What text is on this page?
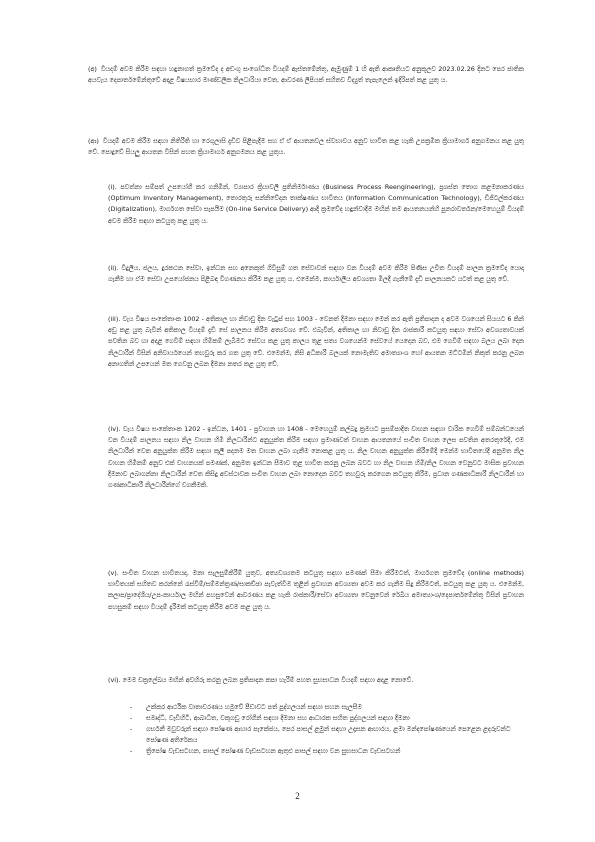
(අ) වියදම් අවම කිරීම සඳහා හඳුනාගත් ක්‍රමවේද ද අඩංගු සංශෝධිත වියදම් ඇස්තමේන්තු, ඇමුණුම් 1 හි ඇති ආකෘතියට අනුකූලව 2023.02.26 දිනට පෙර ජාතික අයවැය දෙපාර්තමේන්තුවේ අදාළ විෂයභාර මාණ්ඩලික නිලධාරියා වෙත, ආවරණ ලිපියක් සහිතව විද්‍යුත් තැපැලෙන් ඉදිරිපත් කළ යුතු ය.

(ආ) වියදම් අවම කිරීම සඳහා නිතිරීති හා රෙගුලාසි දැඩිව පිළිපැදීම සහ ඒ ඒ ආයතනවල ස්වභාවය අනුව භාවිත කළ හැකි උපක්‍රමික ක්‍රියාමාර්ග අනුගමනය කළ යුතු වේ. පොදුවේ සියලු ආයතන විසින් පහත ක්‍රියාමාර්ග අනුගමනය කළ යුතුය.

(i). පවත්නා සම්පත් උපයෝගී කර ගනිමින්, ව්‍යාපාර ක්‍රියාවලි ප්‍රතිනිර්මාණය (Business Process Reengineering), ප්‍රශස්ත තොග කළමනාකරණය (Optimum Inventory Management), තොරතුරු සන්නිවේදන තාක්ෂණය භාවිතය (Information Communication Technology), ඩිජිටල්කරණය (Digitalization), මාර්ගගත සේවා සැපයීම (On-line Service Delivery) ආදී ක්‍රමවේද හඳුන්වාදීම මඟින් තම ආයතනයන්හි පුනරාවර්තන/මෙහෙයුම් වියදම් අවම කිරීම සඳහා කටයුතු කළ යුතු ය.

(ii). විදුලිය, ජලය, දුරකථන සේවා, ඉන්ධන සහ අනෙකුත් ගිවිසුම් ගත සේවාවන් සඳහා වන වියදම් අවම කිරීම පිණිස උචිත වියදම් පාලන ක්‍රමවේද යොදා ගැනීම හා ඒම සේවා උපයෝජනය පිළිබඳ විගණනය කිරීම කළ යුතු ය. එමෙන්ම, කාර්යාලීය අවශ්‍යතා මිලදී ගැනීමේ දැඩි පාලනයකට යටත් කළ යුතු වේ.

(iii). වැය විෂය සංකේතාංක 1002 - අතිකාල හා නිවාඩු දින වැටුප් සහ 1003 - වෙනත් දීමනා සඳහා මෙන් කර ඇති ප්‍රතිපාදන ද අවම වශයෙන් සියයට 6 කින් අඩු කළ යුතු බැවින් අතිකාල වියදම් දැඩි සේ පාලනය කිරීම අත්‍යවශ්‍ය වේ. එබැවින්, අතිකාල හා නිවාඩු දින රාජකාරී කටයුතු සඳහා සේවා අවශ්‍යතාවයක් පවතින බව හා අදාළ ගෙවීම් සඳහා හිමිකම් ලැබීමට සේවය කළ යුතු කාලය තුළ සත්‍ය වශයෙන්ම සේවයේ යෙදෙන බව, එම ගෙවීම් සඳහා බලය ලබා දෙන නිලධාරීන් විසින් අනිවාර්යයෙන් තහවුරු කර ගත යුතු වේ. එමෙන්ම, නිසි අධිකාරී බලයක් නොමැතිව අමාත්‍යාංශ හෝ ආයතන මට්ටමින් නිකුත් කරනු ලබන අනාගතින් උපයෙන් මත ගෙවනු ලබන දීමනා නතර කළ යුතු වේ.

(iv). වැය විෂය සංකේතාංක 1202 - ඉන්ධන, 1401 - ප්‍රවාහන හා 1408 - මෙහෙයුම් කල්බදු ක්‍රමයට ප්‍රසම්පාදිත වාහන සඳහා වාරික ගෙවීම් සම්බන්ධයෙන් වන වියදම් පාලනය සඳහා නිල වාහන හිමි නිලධාරීන්ට අනුයුක්ත කිරීම සඳහා ප්‍රමාණවත් වාහන ආයතනයේ සංචිත වාහන ලෙස පවතින අතරතුරේදී, එම නිලධාරීන් වෙත අනුයුක්ත කිරීම සඳහා කුලී පදනම මත වාහන ලබා ගැනීම නොකළ යුතු ය. නිල වාහන අනුයුක්ත කිරීමේදී මෙන්ම භාවිතයේදී අනුමත නිල වාහන හිමිකම් අනුව එක් වාහනයක් පමණක්, අනුමත ඉන්ධන සීමාව තුළ භාවිත කරනු ලබන බවට හා නිල වාහන හිමි/නිල වාහන වෙනුවට මාසික ප්‍රවාහන දීමනාව ලබාගන්නා නිලධාරීන් වෙත කිසිදු අවස්ථාවක සංචිත වාහන ලබා නොදෙන බවට තහවුරු කරගෙන කටයුතු කිරීම, ප්‍රධාන ගණකාධිකාරී නිලධාරීන් හා ගණකාධිකාරී නිලධාරීන්ගේ වගකීමකි.

(v). සංචිත වාහන භාවිතයද, මනා සැලසුම්කිරීම් යුතුව, අත්‍යවශ්‍යතම කටයුතු සඳහා පමණක් සීමා කිරීමටත්, මාර්ගගත ක්‍රමවේද (online methods) භාවිතයක් සහිතව කරන්නේ රැස්වීම්/සම්මන්ත්‍රණ/සාකච්ඡා පැවැත්වීම තුළින් ප්‍රවාහන අවශ්‍යතා අවම කර ගැනීම සිදු කිරීමටත්, කටයුතු කළ යුතු ය. එමෙන්ම, කලාප/ප්‍රාදේශීය/උප-කාර්යාල මඟින් පහසුවෙන් ආවරණය කළ හැකි රාජකාරී/සේවා අවශ්‍යතා වෙනුවෙන් රේඛීය අමාත්‍යාංශ/දෙපාර්තමේන්තු විසින් ප්‍රවාහන පහසුකම් සඳහා වියදම් දැරීමක් කටයුතු කිරීම අවම කළ යුතු ය.

(vi). මෙම චක්‍රලේඛය මඟින් අවහිරු කරනු ලබන ප්‍රතිපාදන කපා හැරීම් පහත සුභසාධන වියදම් සඳහා අදාළ නොවේ.

- උක්කර ආර්ථික වාතාවරණය හමුවේ පීඩාවට පත් පුද්ගලයන් සඳහා සහන සැලසීම
- සමෘද්ධි, වැඩිහිටි, ආබාධිත, වකුගඩු රෝගීන් සඳහා දීමනා සහ ආධාරක සහිත පුද්ගලයන් සඳහා දීමනා
- ගර්භනී මවුවරුන් සඳහා පෝෂණ ආහාර පැකේජය, පෙර පාසල් ළමුන් සඳහා උදෑසන ආහාරය, ළමා මන්දපෝෂණයෙන් පෙළෙන ළදරුවන්ට පෝෂණ අතිරේකය
- ත්‍රිපෝෂ වැඩසටහන, පාසල් පෝෂණ වැඩසටහන ඇතුළු පාසල් සඳහා වන සුභසාධන වැඩසටහන්
2
